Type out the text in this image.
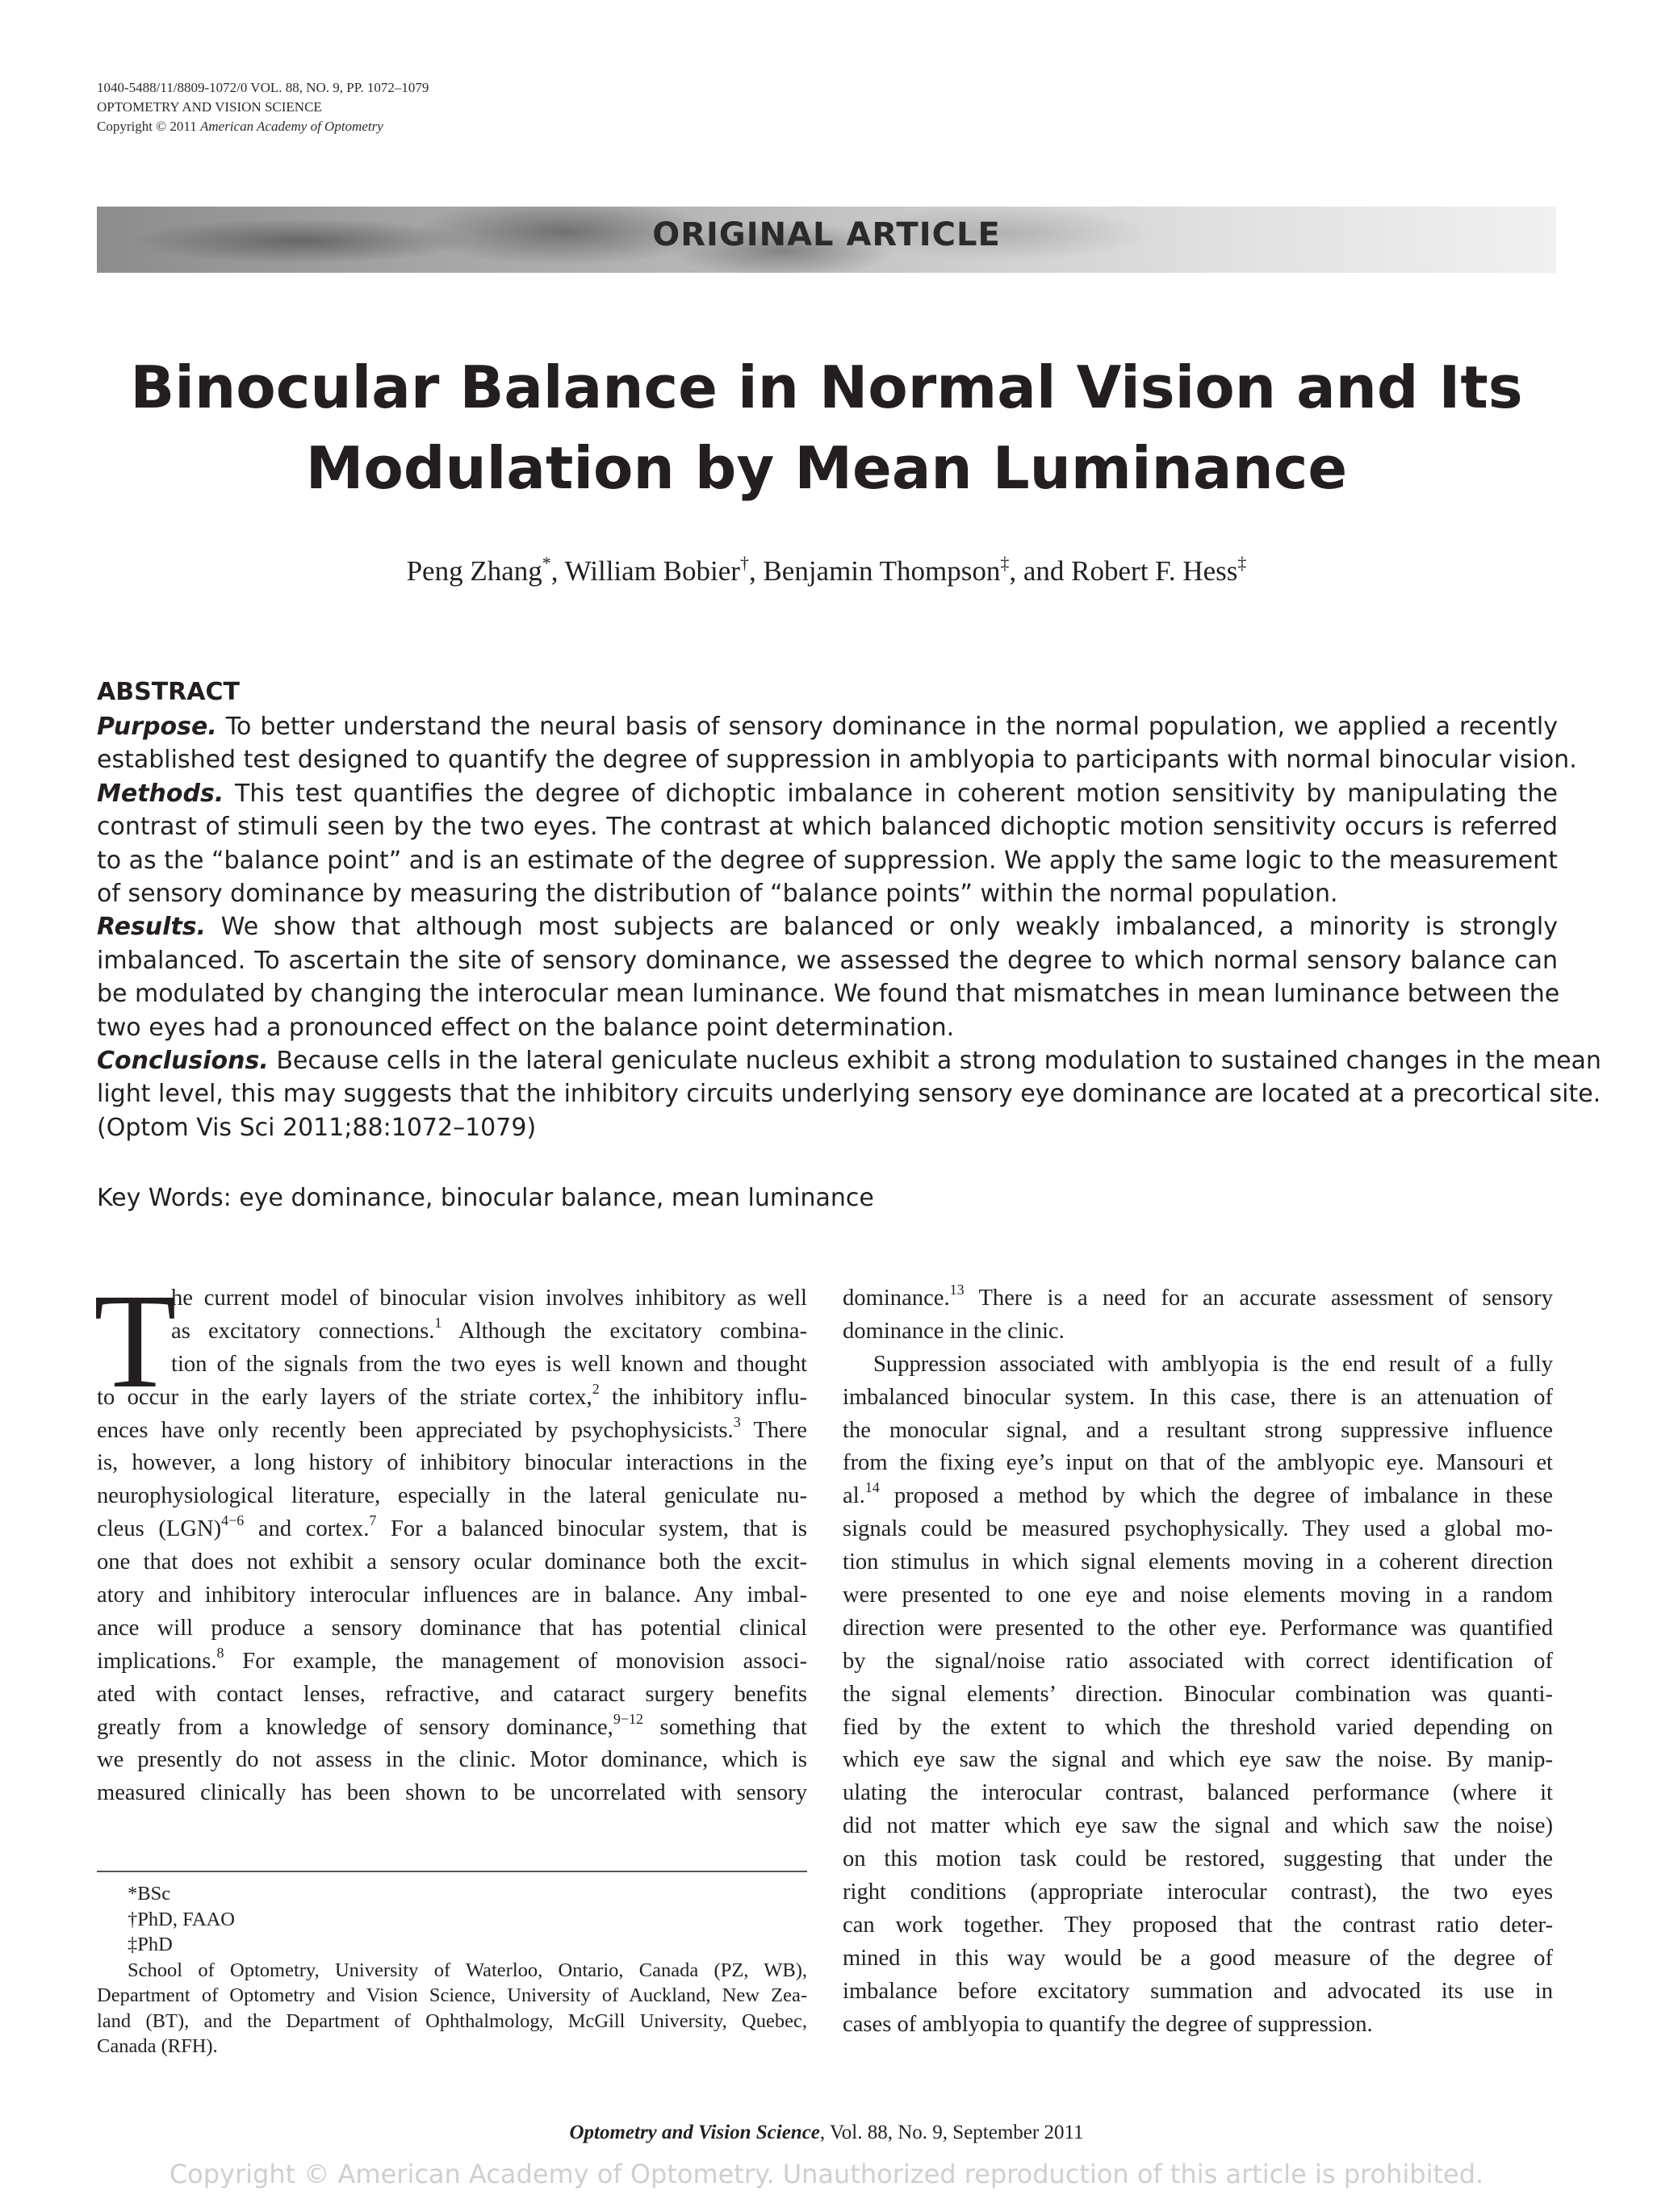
1040-5488/11/8809-1072/0 VOL. 88, NO. 9, PP. 1072–1079
OPTOMETRY AND VISION SCIENCE
Copyright © 2011 American Academy of Optometry
ORIGINAL ARTICLE
Binocular Balance in Normal Vision and Its
Modulation by Mean Luminance
Peng Zhang*, William Bobier†, Benjamin Thompson‡, and Robert F. Hess‡
ABSTRACT
Purpose. To better understand the neural basis of sensory dominance in the normal population, we applied a recently
established test designed to quantify the degree of suppression in amblyopia to participants with normal binocular vision.
Methods. This test quantifies the degree of dichoptic imbalance in coherent motion sensitivity by manipulating the
contrast of stimuli seen by the two eyes. The contrast at which balanced dichoptic motion sensitivity occurs is referred
to as the “balance point” and is an estimate of the degree of suppression. We apply the same logic to the measurement
of sensory dominance by measuring the distribution of “balance points” within the normal population.
Results. We show that although most subjects are balanced or only weakly imbalanced, a minority is strongly
imbalanced. To ascertain the site of sensory dominance, we assessed the degree to which normal sensory balance can
be modulated by changing the interocular mean luminance. We found that mismatches in mean luminance between the
two eyes had a pronounced effect on the balance point determination.
Conclusions. Because cells in the lateral geniculate nucleus exhibit a strong modulation to sustained changes in the mean
light level, this may suggests that the inhibitory circuits underlying sensory eye dominance are located at a precortical site.
(Optom Vis Sci 2011;88:1072–1079)
Key Words: eye dominance, binocular balance, mean luminance
T
he current model of binocular vision involves inhibitory as well
as excitatory connections.$^1$ Although the excitatory combina-
tion of the signals from the two eyes is well known and thought
to occur in the early layers of the striate cortex,$^2$ the inhibitory influ-
ences have only recently been appreciated by psychophysicists.$^3$ There
is, however, a long history of inhibitory binocular interactions in the
neurophysiological literature, especially in the lateral geniculate nu-
cleus (LGN)$^{4-6}$ and cortex.$^7$ For a balanced binocular system, that is
one that does not exhibit a sensory ocular dominance both the excit-
atory and inhibitory interocular influences are in balance. Any imbal-
ance will produce a sensory dominance that has potential clinical
implications.$^8$ For example, the management of monovision associ-
ated with contact lenses, refractive, and cataract surgery benefits
greatly from a knowledge of sensory dominance,$^{9-12}$ something that
we presently do not assess in the clinic. Motor dominance, which is
measured clinically has been shown to be uncorrelated with sensory
*BSc
†PhD, FAAO
‡PhD
School of Optometry, University of Waterloo, Ontario, Canada (PZ, WB),
Department of Optometry and Vision Science, University of Auckland, New Zea-
land (BT), and the Department of Ophthalmology, McGill University, Quebec,
Canada (RFH).
dominance.$^{13}$ There is a need for an accurate assessment of sensory
dominance in the clinic.
Suppression associated with amblyopia is the end result of a fully
imbalanced binocular system. In this case, there is an attenuation of
the monocular signal, and a resultant strong suppressive influence
from the fixing eye’s input on that of the amblyopic eye. Mansouri et
al.$^{14}$ proposed a method by which the degree of imbalance in these
signals could be measured psychophysically. They used a global mo-
tion stimulus in which signal elements moving in a coherent direction
were presented to one eye and noise elements moving in a random
direction were presented to the other eye. Performance was quantified
by the signal/noise ratio associated with correct identification of
the signal elements’ direction. Binocular combination was quanti-
fied by the extent to which the threshold varied depending on
which eye saw the signal and which eye saw the noise. By manip-
ulating the interocular contrast, balanced performance (where it
did not matter which eye saw the signal and which saw the noise)
on this motion task could be restored, suggesting that under the
right conditions (appropriate interocular contrast), the two eyes
can work together. They proposed that the contrast ratio deter-
mined in this way would be a good measure of the degree of
imbalance before excitatory summation and advocated its use in
cases of amblyopia to quantify the degree of suppression.
Optometry and Vision Science, Vol. 88, No. 9, September 2011
Copyright © American Academy of Optometry. Unauthorized reproduction of this article is prohibited.
